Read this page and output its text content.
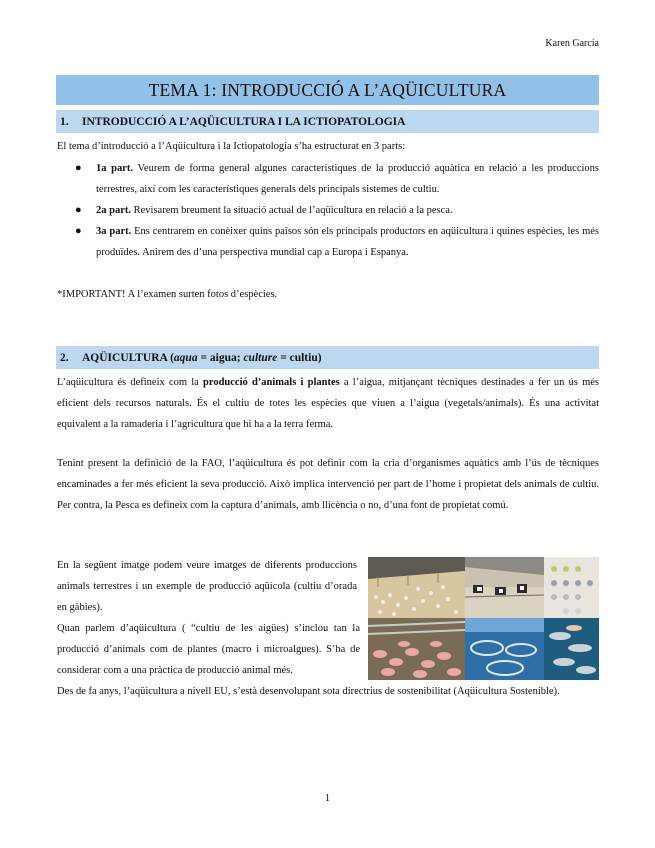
Karen García
TEMA 1: INTRODUCCIÓ A L’AQÜICULTURA
1.	INTRODUCCIÓ A L’AQÜICULTURA I LA ICTIOPATOLOGIA

El tema d’introducció a l’Aqüicultura i la Ictiopatologia s’ha estructurat en 3 parts:

● 1a part. Veurem de forma general algunes característiques de la producció aquàtica en relació a les produccions terrestres, així com les característiques generals dels principals sistemes de cultiu.
● 2a part. Revisarem breument la situació actual de l’aqüicultura en relació a la pesca.
● 3a part. Ens centrarem en conèixer quins països són els principals productors en aqüicultura i quines espècies, les més produïdes. Anirem des d’una perspectiva mundial cap a Europa i Espanya.

*IMPORTANT! A l’examen surten fotos d’espècies.

2.	AQÜICULTURA (aqua = aigua; culture = cultiu)

L’aqüicultura és defineix com la producció d’animals i plantes a l’aigua, mitjançant tècniques destinades a fer un ús més eficient dels recursos naturals. És el cultiu de totes les espècies que viuen a l’aigua (vegetals/animals). És una activitat equivalent a la ramaderia i l’agricultura que hi ha a la terra ferma.

Tenint present la definició de la FAO, l’aqüicultura és pot definir com la cria d’organismes aquàtics amb l’ús de tècniques encaminades a fer més eficient la seva producció. Això implica intervenció per part de l’home i propietat dels animals de cultiu. Per contra, la Pesca es defineix com la captura d’animals, amb llicència o no, d’una font de propietat comú.

En la següent imatge podem veure imatges de diferents produccions animals terrestres i un exemple de producció aqüícola (cultiu d’orada en gàbies).

Quan parlem d’aqüicultura ( “cultiu de les aigües) s’inclou tan la producció d’animals com de plantes (macro i microalgues). S’ha de considerar com a una pràctica de producció animal més.

Des de fa anys, l’aqüicultura a nivell EU, s’està desenvolupant sota directrius de sostenibilitat (Aqüicultura Sostenible).

1
